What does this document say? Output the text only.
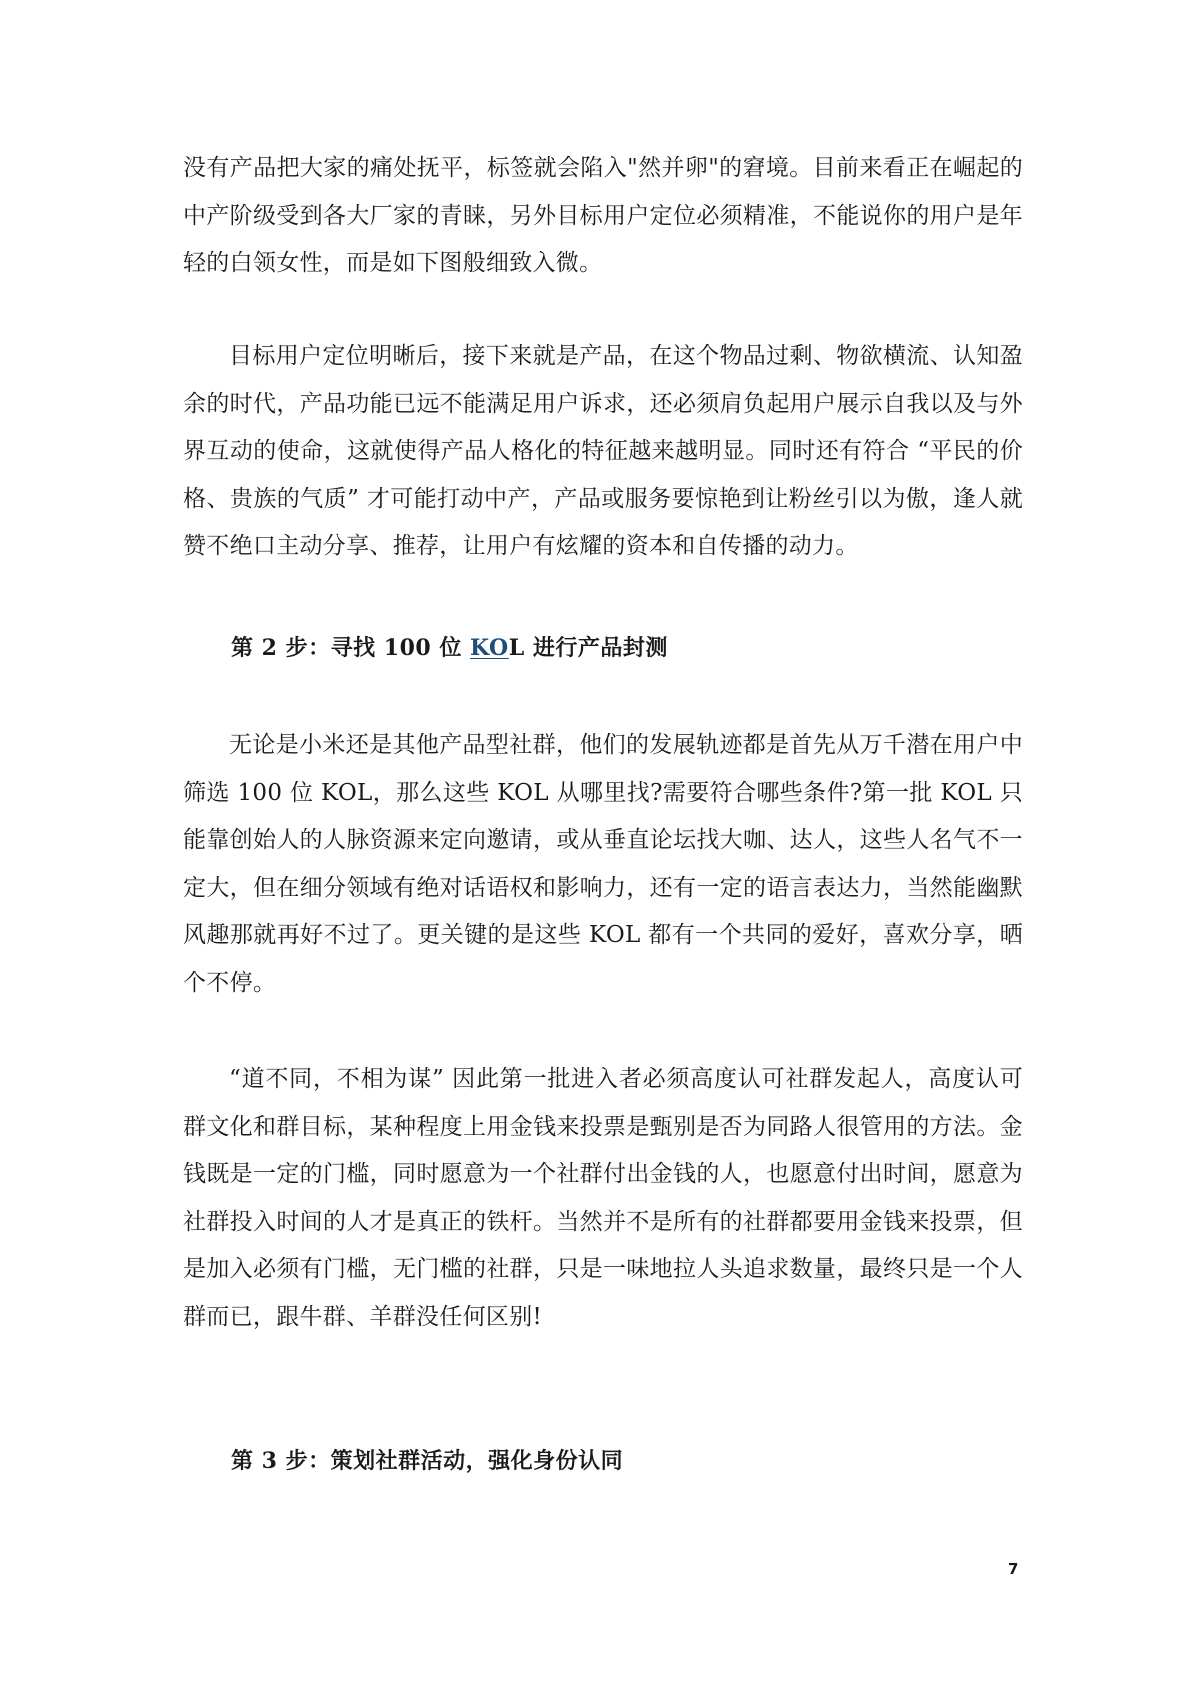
没有产品把大家的痛处抚平，标签就会陷入"然并卵"的窘境。目前来看正在崛起的中产阶级受到各大厂家的青睐，另外目标用户定位必须精准，不能说你的用户是年轻的白领女性，而是如下图般细致入微。

目标用户定位明晰后，接下来就是产品，在这个物品过剩、物欲横流、认知盈余的时代，产品功能已远不能满足用户诉求，还必须肩负起用户展示自我以及与外界互动的使命，这就使得产品人格化的特征越来越明显。同时还有符合 “平民的价格、贵族的气质” 才可能打动中产，产品或服务要惊艳到让粉丝引以为傲，逢人就赞不绝口主动分享、推荐，让用户有炫耀的资本和自传播的动力。

第 2 步：寻找 100 位 KOL 进行产品封测

无论是小米还是其他产品型社群，他们的发展轨迹都是首先从万千潜在用户中筛选 100 位 KOL，那么这些 KOL 从哪里找?需要符合哪些条件?第一批 KOL 只能靠创始人的人脉资源来定向邀请，或从垂直论坛找大咖、达人，这些人名气不一定大，但在细分领域有绝对话语权和影响力，还有一定的语言表达力，当然能幽默风趣那就再好不过了。更关键的是这些 KOL 都有一个共同的爱好，喜欢分享，晒个不停。

“道不同，不相为谋” 因此第一批进入者必须高度认可社群发起人，高度认可群文化和群目标，某种程度上用金钱来投票是甄别是否为同路人很管用的方法。金钱既是一定的门槛，同时愿意为一个社群付出金钱的人，也愿意付出时间，愿意为社群投入时间的人才是真正的铁杆。当然并不是所有的社群都要用金钱来投票，但是加入必须有门槛，无门槛的社群，只是一味地拉人头追求数量，最终只是一个人群而已，跟牛群、羊群没任何区别!

第 3 步：策划社群活动，强化身份认同
7
